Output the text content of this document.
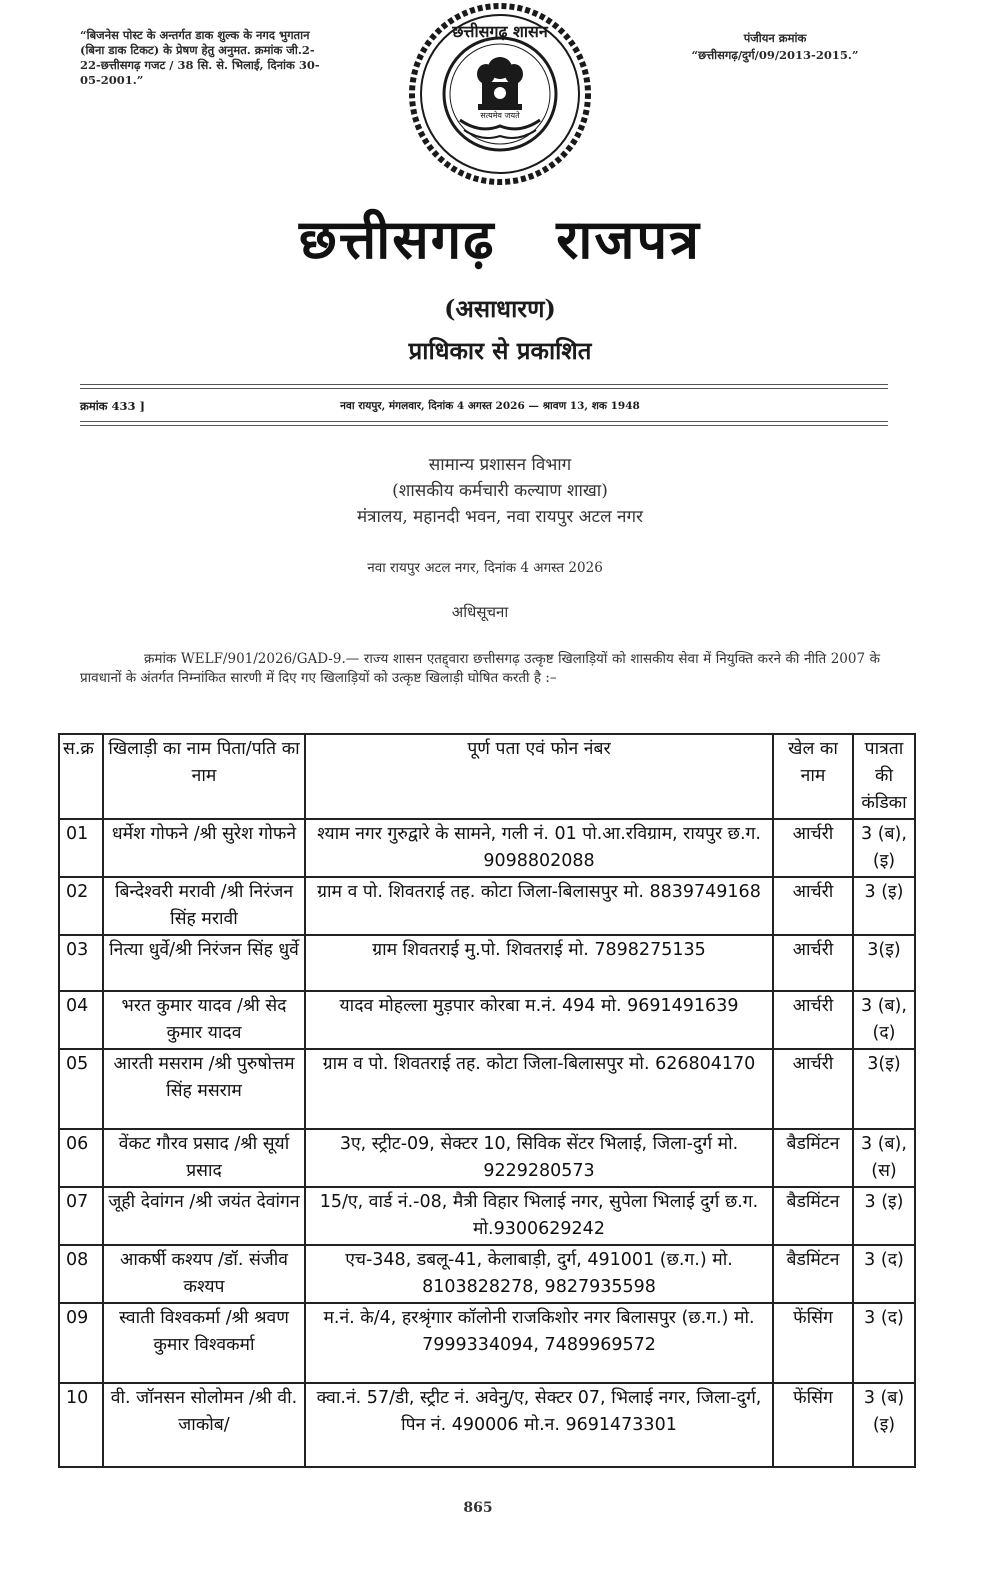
“बिजनेस पोस्ट के अन्तर्गत डाक शुल्क के नगद भुगतान (बिना डाक टिकट) के प्रेषण हेतु अनुमत. क्रमांक जी.2-22-छत्तीसगढ़ गजट / 38 सि. से. भिलाई, दिनांक 30-05-2001.”
छत्तीसगढ़ शासन
सत्यमेव जयते
पंजीयन क्रमांक
“छत्तीसगढ़/दुर्ग/09/2013-2015.”
छत्तीसगढ़ राजपत्र
(असाधारण)
प्राधिकार से प्रकाशित
क्रमांक 433 ]	नवा रायपुर, मंगलवार, दिनांक 4 अगस्त 2026 — श्रावण 13, शक 1948
सामान्य प्रशासन विभाग
(शासकीय कर्मचारी कल्याण शाखा)
मंत्रालय, महानदी भवन, नवा रायपुर अटल नगर
नवा रायपुर अटल नगर, दिनांक 4 अगस्त 2026
अधिसूचना
क्रमांक WELF/901/2026/GAD-9.— राज्य शासन एतद्द्वारा छत्तीसगढ़ उत्कृष्ट खिलाड़ियों को शासकीय सेवा में नियुक्ति करने की नीति 2007 के प्रावधानों के अंतर्गत निम्नांकित सारणी में दिए गए खिलाड़ियों को उत्कृष्ट खिलाड़ी घोषित करती है :–
स.क्र	खिलाड़ी का नाम पिता/पति का नाम	पूर्ण पता एवं फोन नंबर	खेल का नाम	पात्रता की कंडिका
01	धर्मेश गोफने /श्री सुरेश गोफने	श्याम नगर गुरुद्वारे के सामने, गली नं. 01 पो.आ.रविग्राम, रायपुर छ.ग. 9098802088	आर्चरी	3 (ब), (इ)
02	बिन्देश्वरी मरावी /श्री निरंजन सिंह मरावी	ग्राम व पो. शिवतराई तह. कोटा जिला-बिलासपुर मो. 8839749168	आर्चरी	3 (इ)
03	नित्या धुर्वे/श्री निरंजन सिंह धुर्वे	ग्राम शिवतराई मु.पो. शिवतराई मो. 7898275135	आर्चरी	3(इ)
04	भरत कुमार यादव /श्री सेद कुमार यादव	यादव मोहल्ला मुड़पार कोरबा म.नं. 494 मो. 9691491639	आर्चरी	3 (ब), (द)
05	आरती मसराम /श्री पुरुषोत्तम सिंह मसराम	ग्राम व पो. शिवतराई तह. कोटा जिला-बिलासपुर मो. 626804170	आर्चरी	3(इ)
06	वेंकट गौरव प्रसाद /श्री सूर्या प्रसाद	3ए, स्ट्रीट-09, सेक्टर 10, सिविक सेंटर भिलाई, जिला-दुर्ग मो. 9229280573	बैडमिंटन	3 (ब), (स)
07	जूही देवांगन /श्री जयंत देवांगन	15/ए, वार्ड नं.-08, मैत्री विहार भिलाई नगर, सुपेला भिलाई दुर्ग छ.ग. मो.9300629242	बैडमिंटन	3 (इ)
08	आकर्षी कश्यप /डॉ. संजीव कश्यप	एच-348, डबलू-41, केलाबाड़ी, दुर्ग, 491001 (छ.ग.) मो. 8103828278, 9827935598	बैडमिंटन	3 (द)
09	स्वाती विश्वकर्मा /श्री श्रवण कुमार विश्वकर्मा	म.नं. के/4, हरश्रृंगार कॉलोनी राजकिशोर नगर बिलासपुर (छ.ग.) मो. 7999334094, 7489969572	फेंसिंग	3 (द)
10	वी. जॉनसन सोलोमन /श्री वी. जाकोब/	क्वा.नं. 57/डी, स्ट्रीट नं. अवेनु/ए, सेक्टर 07, भिलाई नगर, जिला-दुर्ग, पिन नं. 490006 मो.न. 9691473301	फेंसिंग	3 (ब) (इ)
865
